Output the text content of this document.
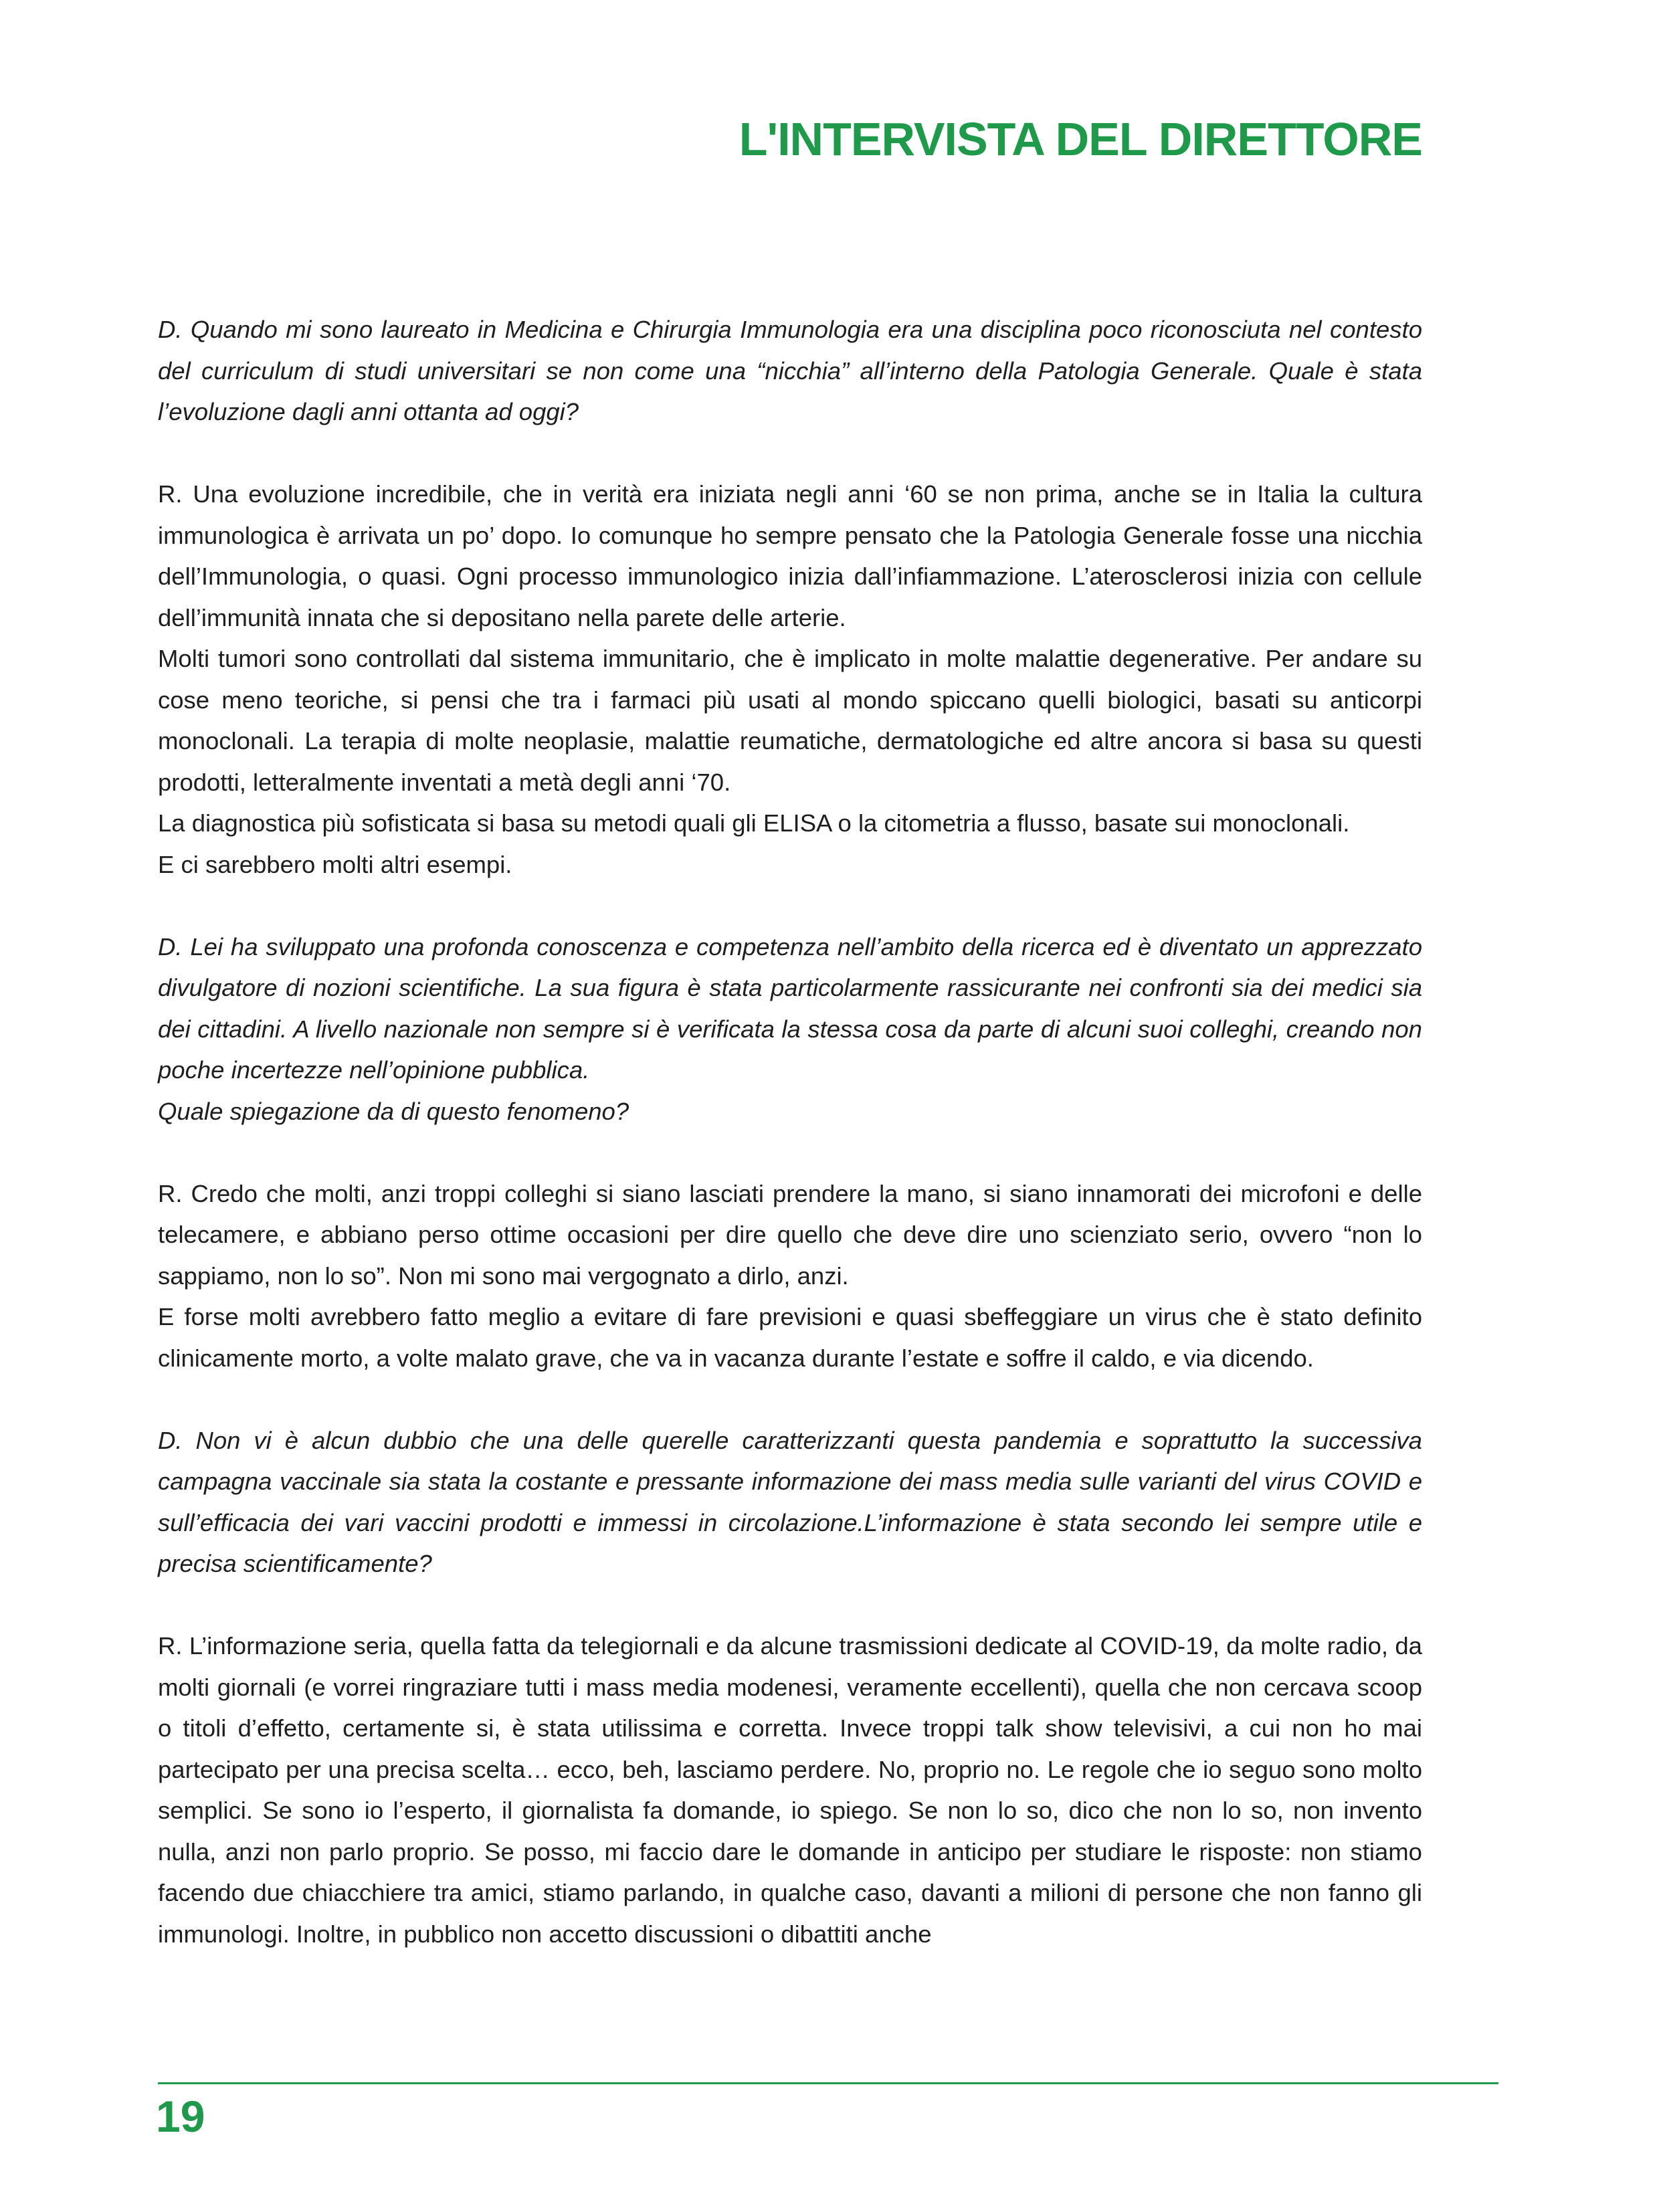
L'INTERVISTA DEL DIRETTORE
D. Quando mi sono laureato in Medicina e Chirurgia Immunologia era una disciplina poco riconosciuta nel contesto del curriculum di studi universitari se non come una “nicchia” all’interno della Patologia Generale. Quale è stata l’evoluzione dagli anni ottanta ad oggi?
R. Una evoluzione incredibile, che in verità era iniziata negli anni ‘60 se non prima, anche se in Italia la cultura immunologica è arrivata un po’ dopo. Io comunque ho sempre pensato che la Patologia Generale fosse una nicchia dell’Immunologia, o quasi. Ogni processo immunologico inizia dall’infiammazione. L’aterosclerosi inizia con cellule dell’immunità innata che si depositano nella parete delle arterie.
Molti tumori sono controllati dal sistema immunitario, che è implicato in molte malattie degenerative. Per andare su cose meno teoriche, si pensi che tra i farmaci più usati al mondo spiccano quelli biologici, basati su anticorpi monoclonali. La terapia di molte neoplasie, malattie reumatiche, dermatologiche ed altre ancora si basa su questi prodotti, letteralmente inventati a metà degli anni ‘70.
La diagnostica più sofisticata si basa su metodi quali gli ELISA o la citometria a flusso, basate sui monoclonali.
E ci sarebbero molti altri esempi.
D. Lei ha sviluppato una profonda conoscenza e competenza nell’ambito della ricerca ed è diventato un apprezzato divulgatore di nozioni scientifiche. La sua figura è stata particolarmente rassicurante nei confronti sia dei medici sia dei cittadini. A livello nazionale non sempre si è verificata la stessa cosa da parte di alcuni suoi colleghi, creando non poche incertezze nell’opinione pubblica.
Quale spiegazione da di questo fenomeno?
R. Credo che molti, anzi troppi colleghi si siano lasciati prendere la mano, si siano innamorati dei microfoni e delle telecamere, e abbiano perso ottime occasioni per dire quello che deve dire uno scienziato serio, ovvero “non lo sappiamo, non lo so”. Non mi sono mai vergognato a dirlo, anzi.
E forse molti avrebbero fatto meglio a evitare di fare previsioni e quasi sbeffeggiare un virus che è stato definito clinicamente morto, a volte malato grave, che va in vacanza durante l’estate e soffre il caldo, e via dicendo.
D. Non vi è alcun dubbio che una delle querelle caratterizzanti questa pandemia e soprattutto la successiva campagna vaccinale sia stata la costante e pressante informazione dei mass media sulle varianti del virus COVID e sull’efficacia dei vari vaccini prodotti e immessi in circolazione.L’informazione è stata secondo lei sempre utile e precisa scientificamente?
R. L’informazione seria, quella fatta da telegiornali e da alcune trasmissioni dedicate al COVID-19, da molte radio, da molti giornali (e vorrei ringraziare tutti i mass media modenesi, veramente eccellenti), quella che non cercava scoop o titoli d’effetto, certamente si, è stata utilissima e corretta. Invece troppi talk show televisivi, a cui non ho mai partecipato per una precisa scelta… ecco, beh, lasciamo perdere. No, proprio no. Le regole che io seguo sono molto semplici. Se sono io l’esperto, il giornalista fa domande, io spiego. Se non lo so, dico che non lo so, non invento nulla, anzi non parlo proprio. Se posso, mi faccio dare le domande in anticipo per studiare le risposte: non stiamo facendo due chiacchiere tra amici, stiamo parlando, in qualche caso, davanti a milioni di persone che non fanno gli immunologi. Inoltre, in pubblico non accetto discussioni o dibattiti anche

19
